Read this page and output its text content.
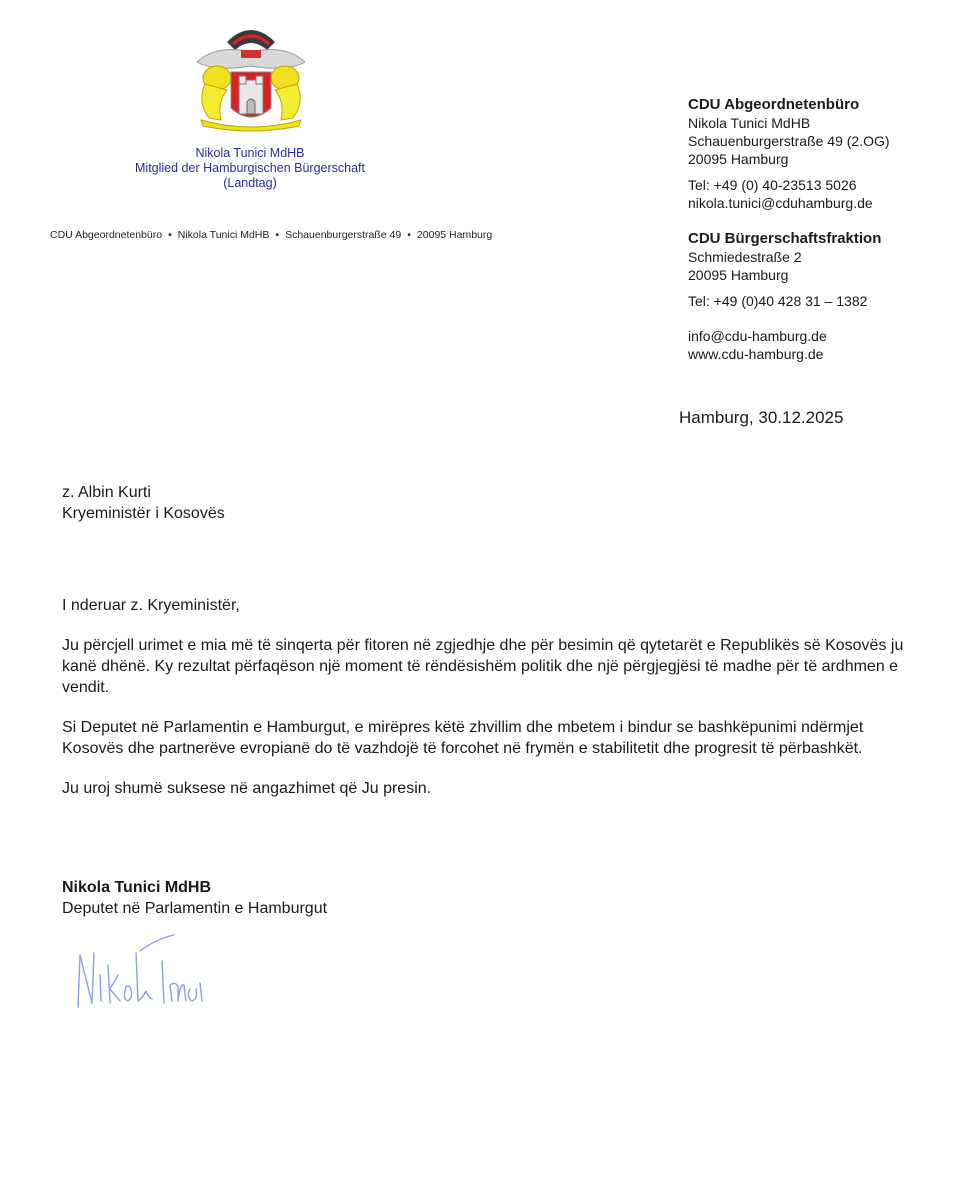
Nikola Tunici MdHB
Mitglied der Hamburgischen Bürgerschaft
(Landtag)
CDU Abgeordnetenbüro • Nikola Tunici MdHB • Schauenburgerstraße 49 • 20095 Hamburg

CDU Abgeordnetenbüro

Nikola Tunici MdHB

Schauenburgerstraße 49 (2.OG)

20095 Hamburg

Tel: +49 (0) 40-23513 5026

nikola.tunici@cduhamburg.de

CDU Bürgerschaftsfraktion

Schmiedestraße 2

20095 Hamburg

Tel: +49 (0)40 428 31 – 1382

info@cdu-hamburg.de

www.cdu-hamburg.de

Hamburg, 30.12.2025
z. Albin Kurti
Kryeministër i Kosovës

I nderuar z. Kryeministër,

Ju përcjell urimet e mia më të sinqerta për fitoren në zgjedhje dhe për besimin që qytetarët e Republikës së Kosovës ju kanë dhënë. Ky rezultat përfaqëson një moment të rëndësishëm politik dhe një përgjegjësi të madhe për të ardhmen e vendit.

Si Deputet në Parlamentin e Hamburgut, e mirëpres këtë zhvillim dhe mbetem i bindur se bashkëpunimi ndërmjet Kosovës dhe partnerëve evropianë do të vazhdojë të forcohet në frymën e stabilitetit dhe progresit të përbashkët.

Ju uroj shumë suksese në angazhimet që Ju presin.

Nikola Tunici MdHB
Deputet në Parlamentin e Hamburgut
